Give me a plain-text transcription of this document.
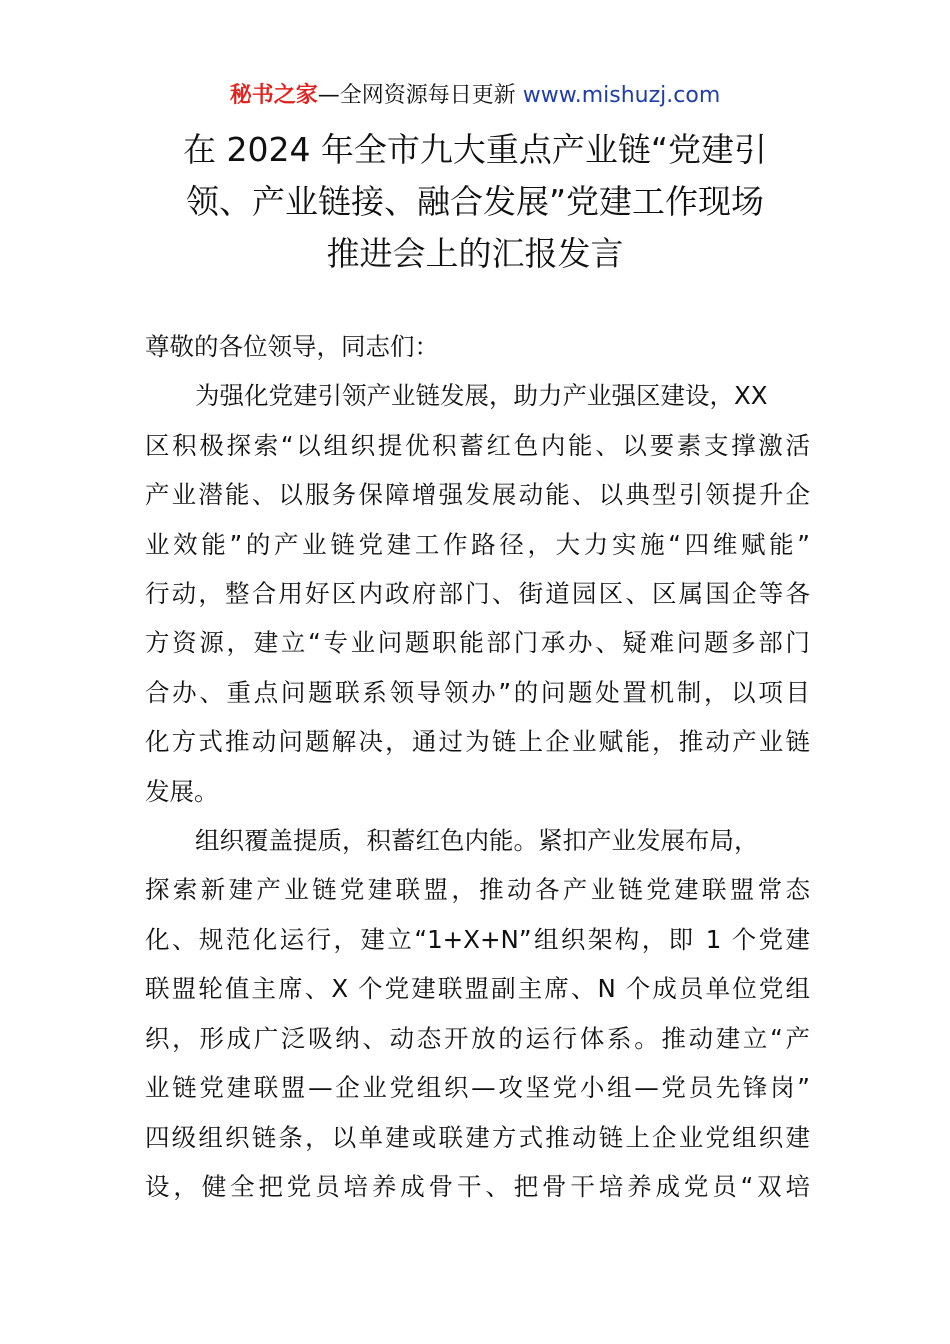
秘书之家—全网资源每日更新 www.mishuzj.com
在 2024 年全市九大重点产业链“党建引
领、产业链接、融合发展”党建工作现场
推进会上的汇报发言
尊敬的各位领导，同志们：
为强化党建引领产业链发展，助力产业强区建设，XX
区积极探索“以组织提优积蓄红色内能、以要素支撑激活
产业潜能、以服务保障增强发展动能、以典型引领提升企
业效能”的产业链党建工作路径，大力实施“四维赋能”
行动，整合用好区内政府部门、街道园区、区属国企等各
方资源，建立“专业问题职能部门承办、疑难问题多部门
合办、重点问题联系领导领办”的问题处置机制，以项目
化方式推动问题解决，通过为链上企业赋能，推动产业链
发展。
组织覆盖提质，积蓄红色内能。紧扣产业发展布局，
探索新建产业链党建联盟，推动各产业链党建联盟常态
化、规范化运行，建立“1+X+N”组织架构，即 1 个党建
联盟轮值主席、X 个党建联盟副主席、N 个成员单位党组
织，形成广泛吸纳、动态开放的运行体系。推动建立“产
业链党建联盟—企业党组织—攻坚党小组—党员先锋岗”
四级组织链条，以单建或联建方式推动链上企业党组织建
设，健全把党员培养成骨干、把骨干培养成党员“双培
